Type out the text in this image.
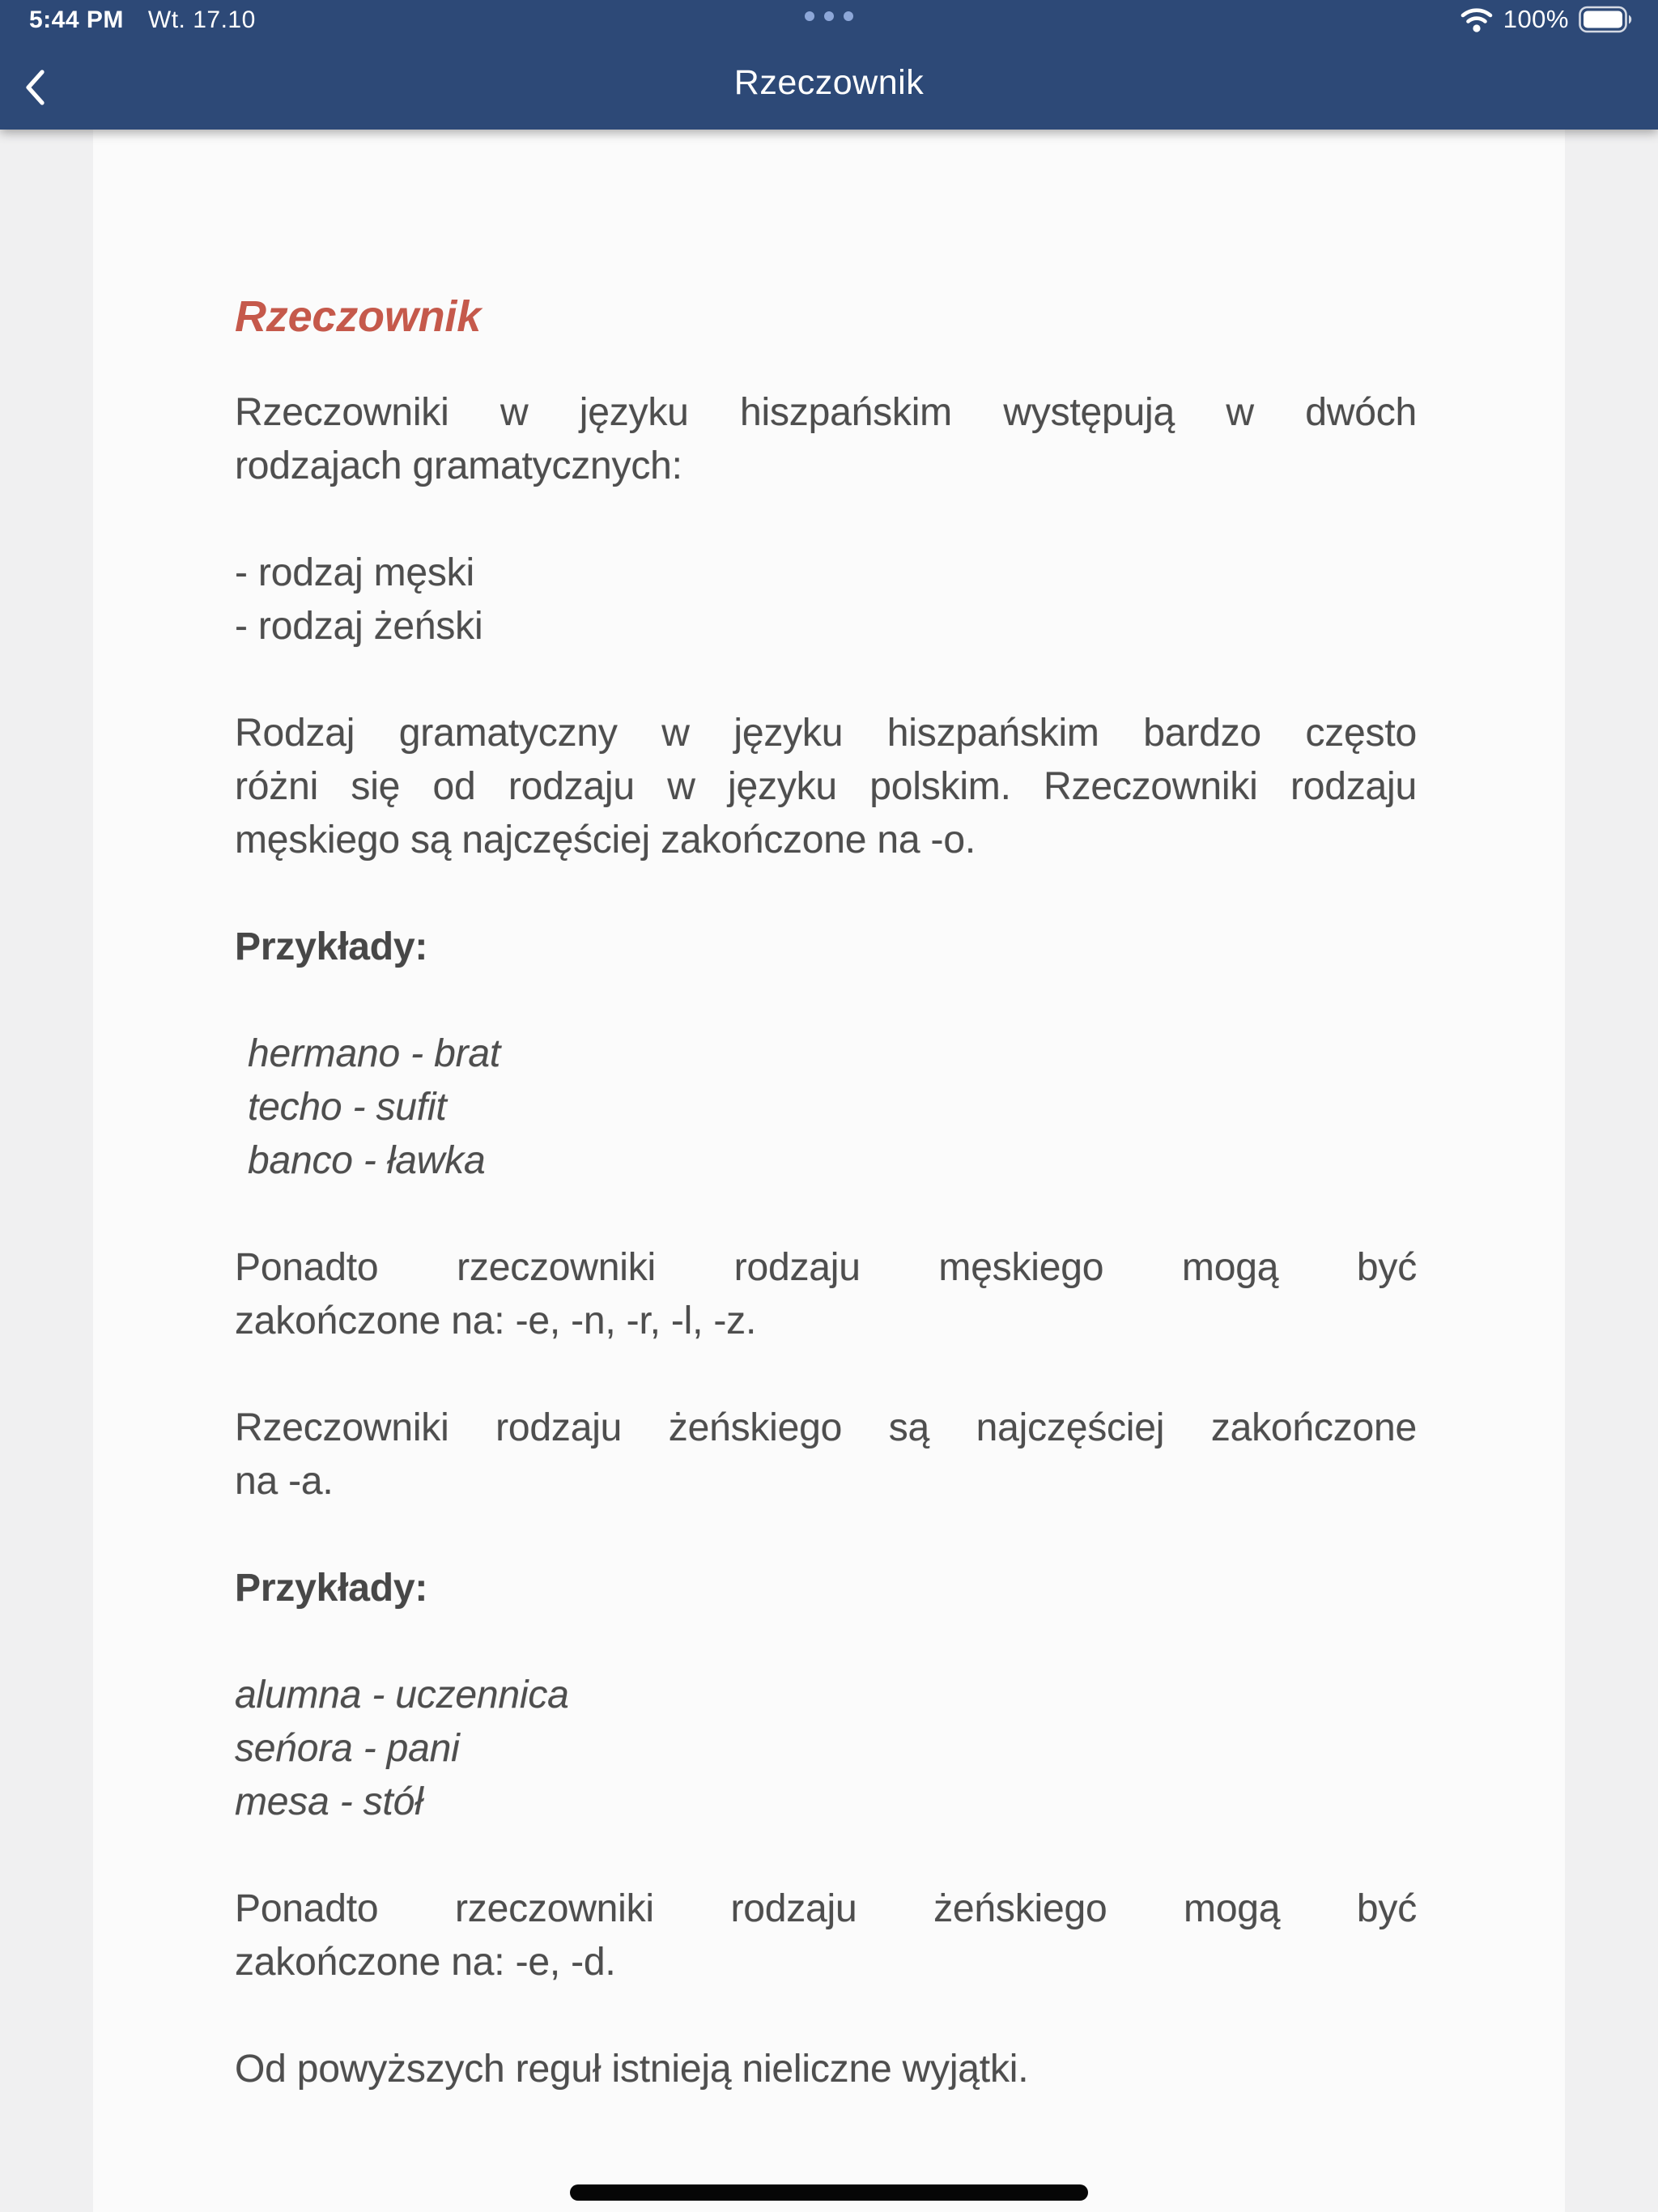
5:44 PM Wt. 17.10	100%
Rzeczownik
Rzeczownik
Rzeczowniki w języku hiszpańskim występują w dwóch
rodzajach gramatycznych:
- rodzaj męski
- rodzaj żeński
Rodzaj gramatyczny w języku hiszpańskim bardzo często
różni się od rodzaju w języku polskim. Rzeczowniki rodzaju
męskiego są najczęściej zakończone na -o.
Przykłady:
hermano - brat
techo - sufit
banco - ławka
Ponadto rzeczowniki rodzaju męskiego mogą być
zakończone na: -e, -n, -r, -l, -z.
Rzeczowniki rodzaju żeńskiego są najczęściej zakończone
na -a.
Przykłady:
alumna - uczennica
seńora - pani
mesa - stół
Ponadto rzeczowniki rodzaju żeńskiego mogą być
zakończone na: -e, -d.
Od powyższych reguł istnieją nieliczne wyjątki.
